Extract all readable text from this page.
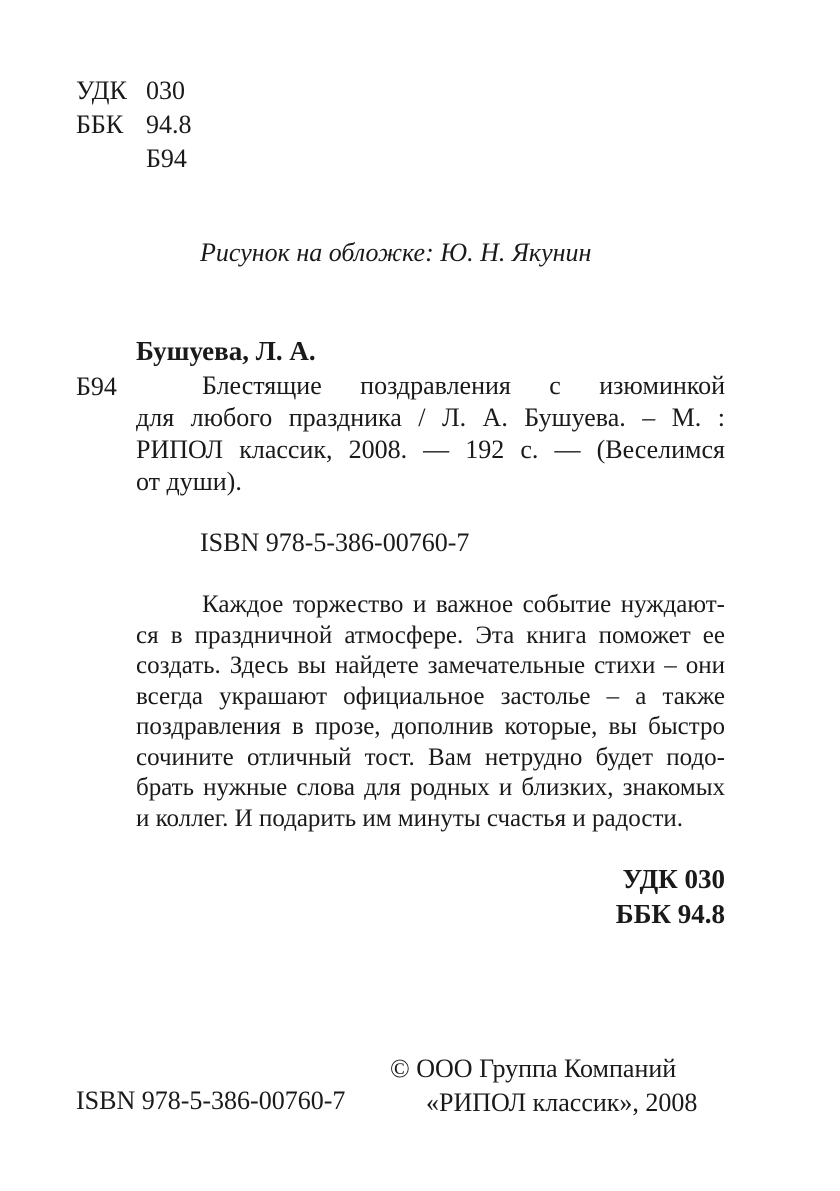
УДК 030
ББК 94.8
Б94
Рисунок на обложке: Ю. Н. Якунин
Бушуева, Л. А.
Б94	Блестящие поздравления с изюминкой
для любого праздника / Л. А. Бушуева. – М. :
РИПОЛ классик, 2008. — 192 с. — (Веселимся
от души).
ISBN 978-5-386-00760-7
Каждое торжество и важное событие нуждают-
ся в праздничной атмосфере. Эта книга поможет ее
создать. Здесь вы найдете замечательные стихи – они
всегда украшают официальное застолье – а также
поздравления в прозе, дополнив которые, вы быстро
сочините отличный тост. Вам нетрудно будет подо-
брать нужные слова для родных и близких, знакомых
и коллег. И подарить им минуты счастья и радости.
УДК 030
ББК 94.8
© ООО Группа Компаний
«РИПОЛ классик», 2008
ISBN 978-5-386-00760-7
